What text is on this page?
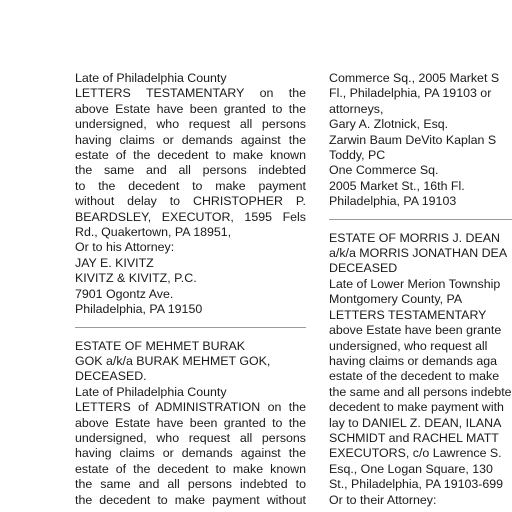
Late of Philadelphia County
LETTERS TESTAMENTARY on the
above Estate have been granted to the
undersigned, who request all persons
having claims or demands against the
estate of the decedent to make known
the same and all persons indebted
to the decedent to make payment
without delay to CHRISTOPHER P.
BEARDSLEY, EXECUTOR, 1595 Fels
Rd., Quakertown, PA 18951,
Or to his Attorney:
JAY E. KIVITZ
KIVITZ & KIVITZ, P.C.
7901 Ogontz Ave.
Philadelphia, PA 19150
ESTATE OF MEHMET BURAK
GOK a/k/a BURAK MEHMET GOK,
DECEASED.
Late of Philadelphia County
LETTERS of ADMINISTRATION on the
above Estate have been granted to the
undersigned, who request all persons
having claims or demands against the
estate of the decedent to make known
the same and all persons indebted to
the decedent to make payment without
Commerce Sq., 2005 Market S
Fl., Philadelphia, PA 19103 or
attorneys,
Gary A. Zlotnick, Esq.
Zarwin Baum DeVito Kaplan S
Toddy, PC
One Commerce Sq.
2005 Market St., 16th Fl.
Philadelphia, PA 19103
ESTATE OF MORRIS J. DEAN
a/k/a MORRIS JONATHAN DEA
DECEASED
Late of Lower Merion Township
Montgomery County, PA
LETTERS TESTAMENTARY
above Estate have been grante
undersigned, who request all
having claims or demands aga
estate of the decedent to make
the same and all persons indebte
decedent to make payment with
lay to DANIEL Z. DEAN, ILANA
SCHMIDT and RACHEL MATT
EXECUTORS, c/o Lawrence S.
Esq., One Logan Square, 130
St., Philadelphia, PA 19103-699
Or to their Attorney:
